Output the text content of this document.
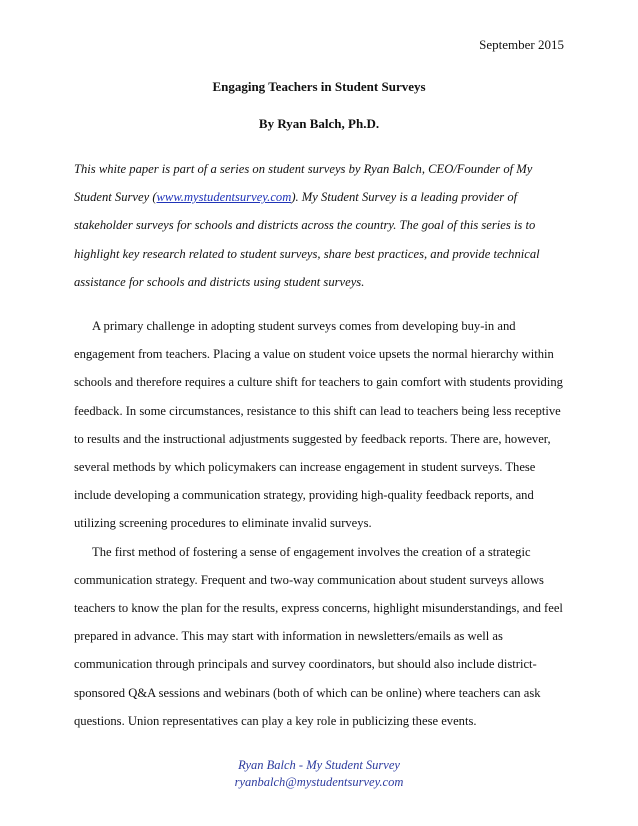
September 2015
Engaging Teachers in Student Surveys
By Ryan Balch, Ph.D.
This white paper is part of a series on student surveys by Ryan Balch, CEO/Founder of My Student Survey (www.mystudentsurvey.com). My Student Survey is a leading provider of stakeholder surveys for schools and districts across the country. The goal of this series is to highlight key research related to student surveys, share best practices, and provide technical assistance for schools and districts using student surveys.

A primary challenge in adopting student surveys comes from developing buy-in and engagement from teachers. Placing a value on student voice upsets the normal hierarchy within schools and therefore requires a culture shift for teachers to gain comfort with students providing feedback. In some circumstances, resistance to this shift can lead to teachers being less receptive to results and the instructional adjustments suggested by feedback reports. There are, however, several methods by which policymakers can increase engagement in student surveys. These include developing a communication strategy, providing high-quality feedback reports, and utilizing screening procedures to eliminate invalid surveys.

The first method of fostering a sense of engagement involves the creation of a strategic communication strategy. Frequent and two-way communication about student surveys allows teachers to know the plan for the results, express concerns, highlight misunderstandings, and feel prepared in advance. This may start with information in newsletters/emails as well as communication through principals and survey coordinators, but should also include district-sponsored Q&A sessions and webinars (both of which can be online) where teachers can ask questions. Union representatives can play a key role in publicizing these events.

Ryan Balch - My Student Survey
ryanbalch@mystudentsurvey.com
